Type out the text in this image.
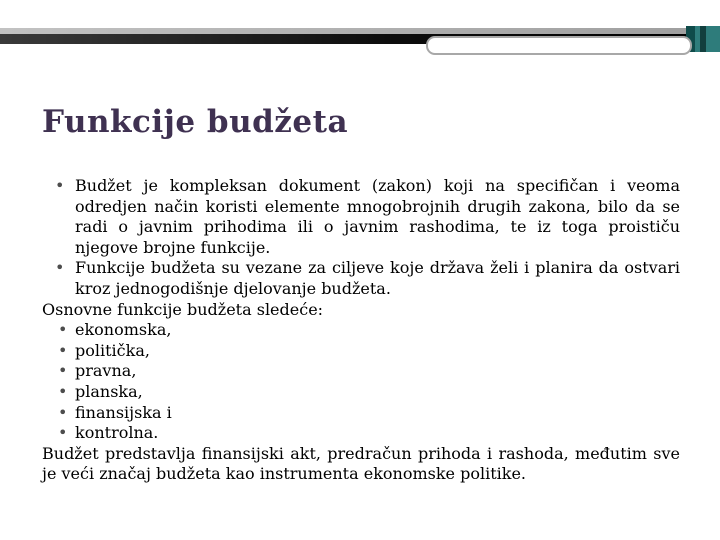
Funkcije budžeta

• Budžet je kompleksan dokument (zakon) koji na specifičan i veoma odredjen način koristi elemente mnogobrojnih drugih zakona, bilo da se radi o javnim prihodima ili o javnim rashodima, te iz toga proističu njegove brojne funkcije.

• Funkcije budžeta su vezane za ciljeve koje država želi i planira da ostvari kroz jednogodišnje djelovanje budžeta.

Osnovne funkcije budžeta sledeće:

• ekonomska,

• politička,

• pravna,

• planska,

• finansijska i

• kontrolna.

Budžet predstavlja finansijski akt, predračun prihoda i rashoda, međutim sve je veći značaj budžeta kao instrumenta ekonomske politike.
